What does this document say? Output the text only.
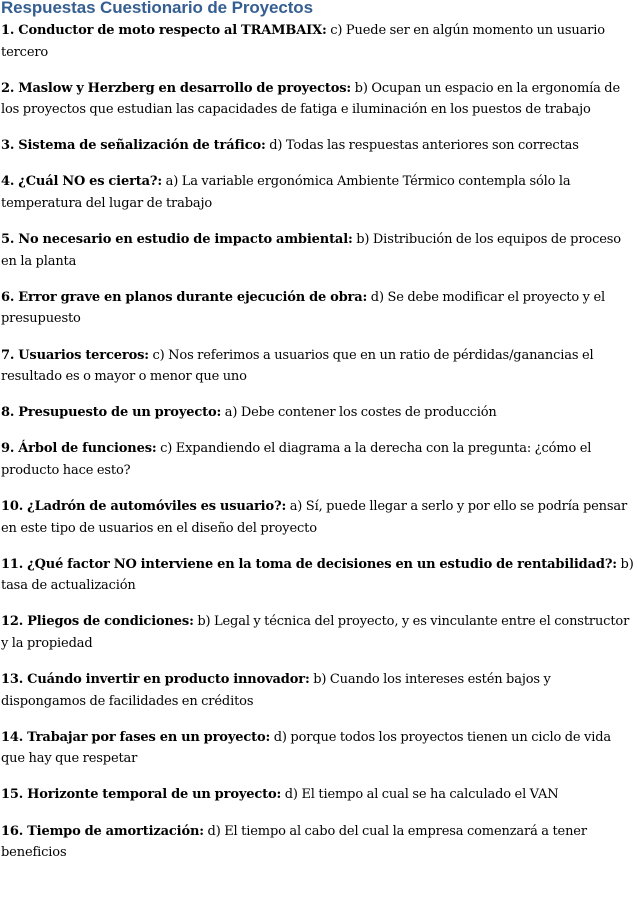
Respuestas Cuestionario de Proyectos

1. Conductor de moto respecto al TRAMBAIX: c) Puede ser en algún momento un usuario tercero

2. Maslow y Herzberg en desarrollo de proyectos: b) Ocupan un espacio en la ergonomía de los proyectos que estudian las capacidades de fatiga e iluminación en los puestos de trabajo

3. Sistema de señalización de tráfico: d) Todas las respuestas anteriores son correctas

4. ¿Cuál NO es cierta?: a) La variable ergonómica Ambiente Térmico contempla sólo la temperatura del lugar de trabajo

5. No necesario en estudio de impacto ambiental: b) Distribución de los equipos de proceso en la planta

6. Error grave en planos durante ejecución de obra: d) Se debe modificar el proyecto y el presupuesto

7. Usuarios terceros: c) Nos referimos a usuarios que en un ratio de pérdidas/ganancias el resultado es o mayor o menor que uno

8. Presupuesto de un proyecto: a) Debe contener los costes de producción

9. Árbol de funciones: c) Expandiendo el diagrama a la derecha con la pregunta: ¿cómo el producto hace esto?

10. ¿Ladrón de automóviles es usuario?: a) Sí, puede llegar a serlo y por ello se podría pensar en este tipo de usuarios en el diseño del proyecto

11. ¿Qué factor NO interviene en la toma de decisiones en un estudio de rentabilidad?: b) tasa de actualización

12. Pliegos de condiciones: b) Legal y técnica del proyecto, y es vinculante entre el constructor y la propiedad

13. Cuándo invertir en producto innovador: b) Cuando los intereses estén bajos y dispongamos de facilidades en créditos

14. Trabajar por fases en un proyecto: d) porque todos los proyectos tienen un ciclo de vida que hay que respetar

15. Horizonte temporal de un proyecto: d) El tiempo al cual se ha calculado el VAN

16. Tiempo de amortización: d) El tiempo al cabo del cual la empresa comenzará a tener beneficios
